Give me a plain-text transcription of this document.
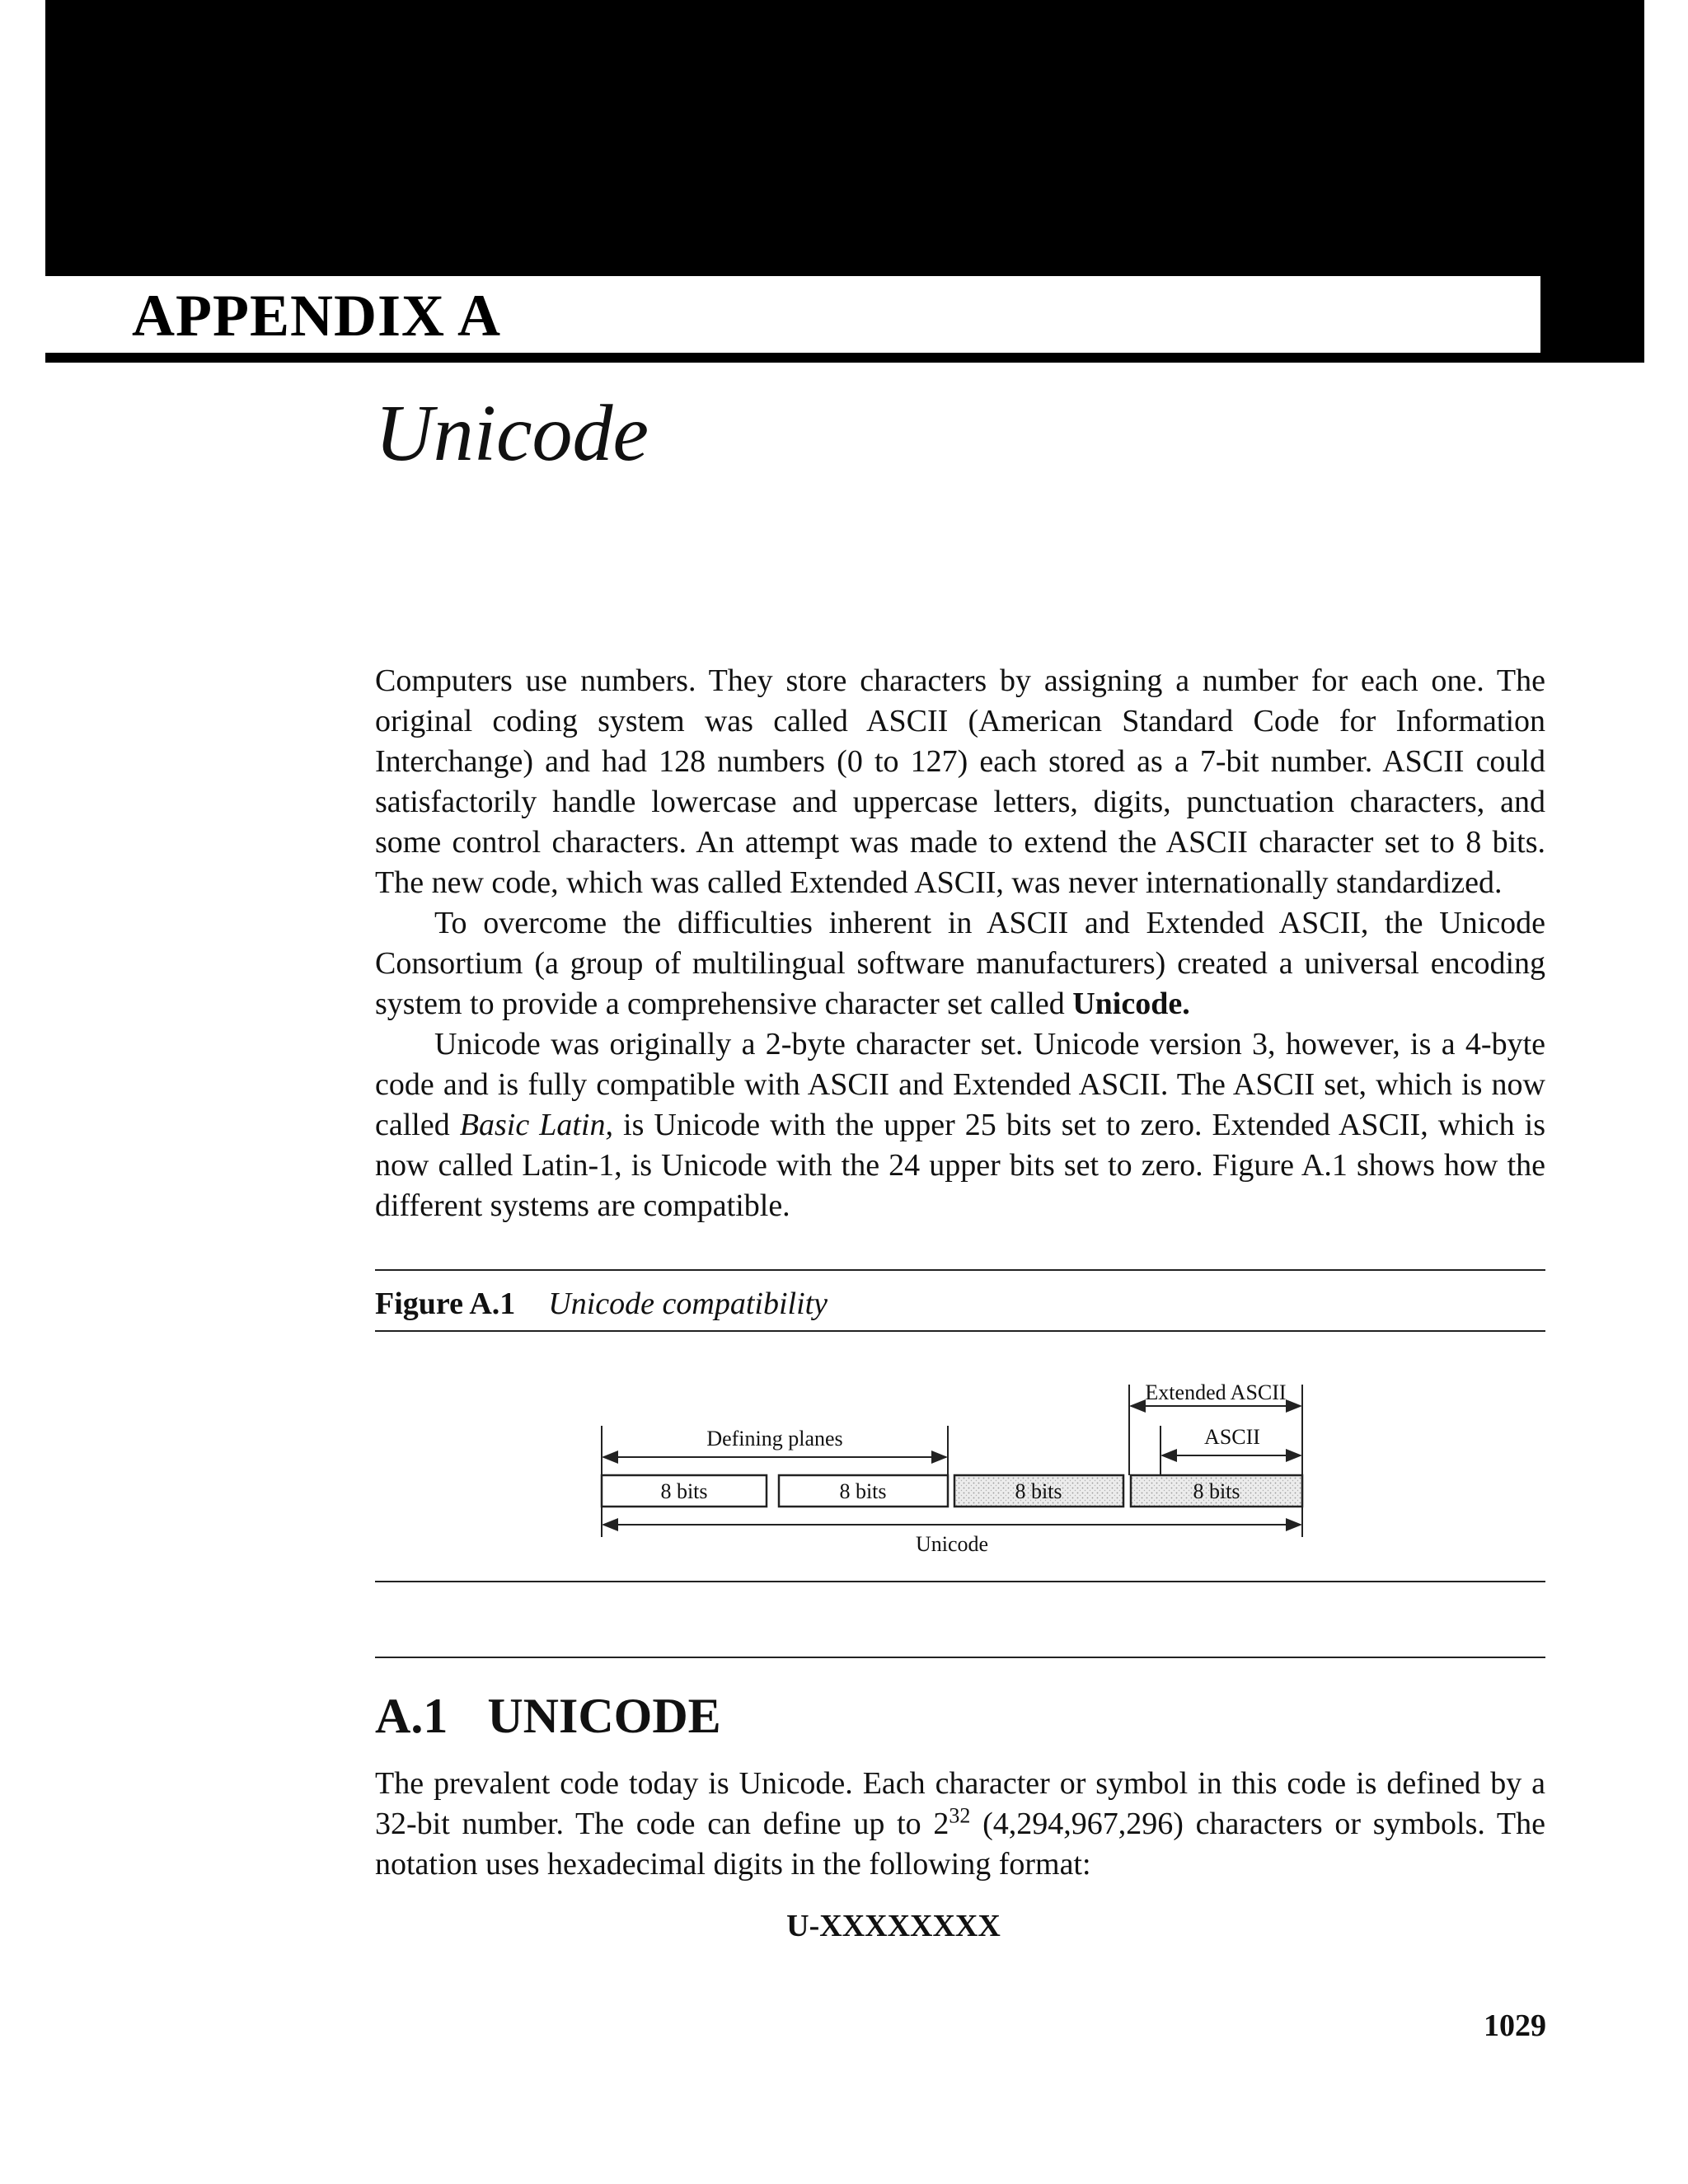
APPENDIX A
Unicode

Computers use numbers. They store characters by assigning a number for each one. The original coding system was called ASCII (American Standard Code for Information Interchange) and had 128 numbers (0 to 127) each stored as a 7-bit number. ASCII could satisfactorily handle lowercase and uppercase letters, digits, punctuation characters, and some control characters. An attempt was made to extend the ASCII character set to 8 bits. The new code, which was called Extended ASCII, was never internationally standardized.

To overcome the difficulties inherent in ASCII and Extended ASCII, the Unicode Consortium (a group of multilingual software manufacturers) created a universal encoding system to provide a comprehensive character set called Unicode.

Unicode was originally a 2-byte character set. Unicode version 3, however, is a 4-byte code and is fully compatible with ASCII and Extended ASCII. The ASCII set, which is now called Basic Latin, is Unicode with the upper 25 bits set to zero. Extended ASCII, which is now called Latin-1, is Unicode with the 24 upper bits set to zero. Figure A.1 shows how the different systems are compatible.

Figure A.1 Unicode compatibility
Extended ASCII
ASCII
Defining planes
8 bits	8 bits	8 bits	8 bits
Unicode
A.1 UNICODE

The prevalent code today is Unicode. Each character or symbol in this code is defined by a 32-bit number. The code can define up to $2^{32}$ (4,294,967,296) characters or symbols. The notation uses hexadecimal digits in the following format:

U-XXXXXXXX
1029
